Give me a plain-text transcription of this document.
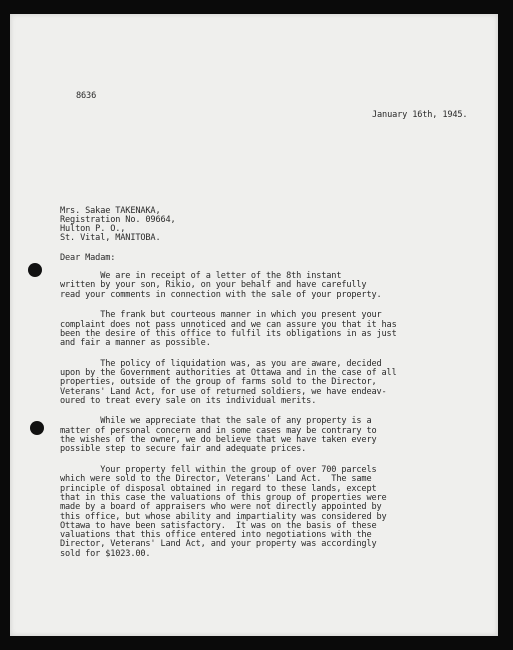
8636
January 16th, 1945.
Mrs. Sakae TAKENAKA,
Registration No. 09664,
Hulton P. O.,
St. Vital, MANITOBA.
Dear Madam:
We are in receipt of a letter of the 8th instant
written by your son, Rikio, on your behalf and have carefully
read your comments in connection with the sale of your property.
The frank but courteous manner in which you present your
complaint does not pass unnoticed and we can assure you that it has
been the desire of this office to fulfil its obligations in as just
and fair a manner as possible.
The policy of liquidation was, as you are aware, decided
upon by the Government authorities at Ottawa and in the case of all
properties, outside of the group of farms sold to the Director,
Veterans' Land Act, for use of returned soldiers, we have endeav-
oured to treat every sale on its individual merits.
While we appreciate that the sale of any property is a
matter of personal concern and in some cases may be contrary to
the wishes of the owner, we do believe that we have taken every
possible step to secure fair and adequate prices.
Your property fell within the group of over 700 parcels
which were sold to the Director, Veterans' Land Act.  The same
principle of disposal obtained in regard to these lands, except
that in this case the valuations of this group of properties were
made by a board of appraisers who were not directly appointed by
this office, but whose ability and impartiality was considered by
Ottawa to have been satisfactory.  It was on the basis of these
valuations that this office entered into negotiations with the
Director, Veterans' Land Act, and your property was accordingly
sold for $1023.00.
